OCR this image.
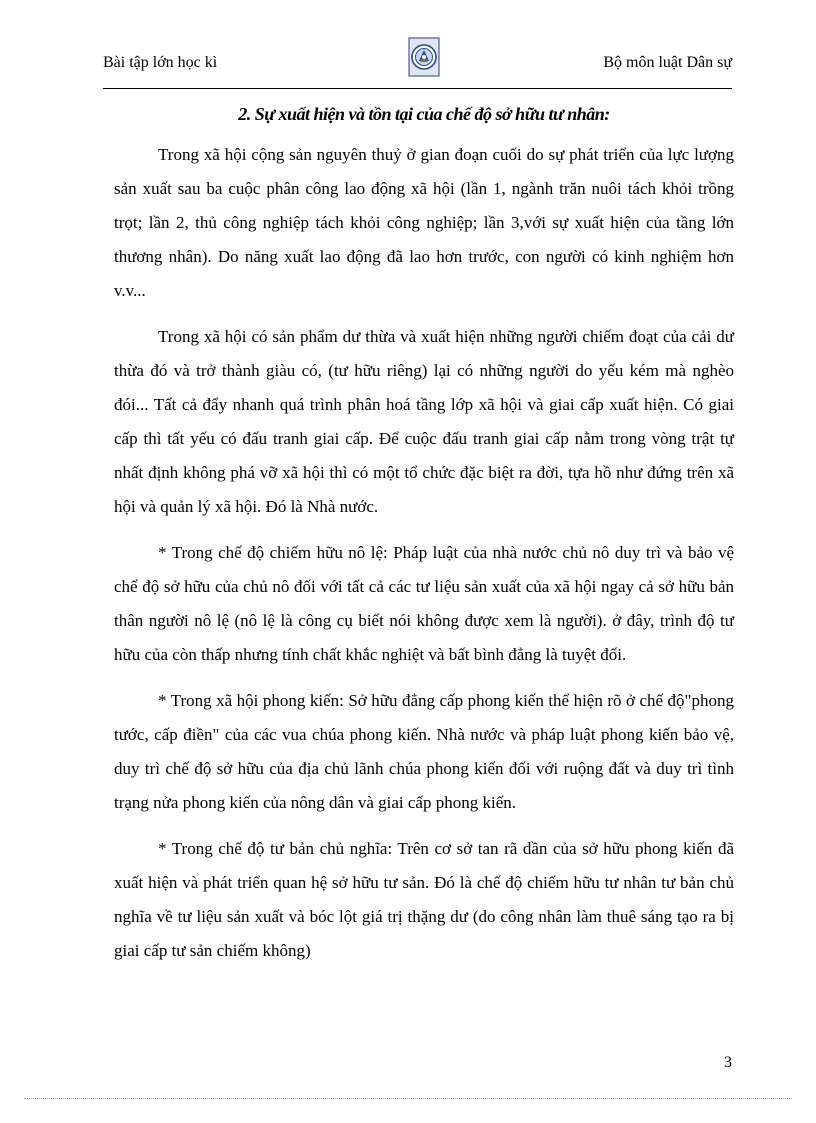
Bài tập lớn học kì	Bộ môn luật Dân sự
2. Sự xuất hiện và tồn tại của chế độ sở hữu tư nhân:

Trong xã hội cộng sản nguyên thuỷ ở gian đoạn cuối do sự phát triển của lực lượng sản xuất sau ba cuộc phân công lao động xã hội (lần 1, ngành trăn nuôi tách khỏi trồng trọt; lần 2, thủ công nghiệp tách khỏi công nghiệp; lần 3,với sự xuất hiện của tầng lớn thương nhân). Do năng xuất lao động đã lao hơn trước, con người có kinh nghiệm hơn v.v...

Trong xã hội có sản phẩm dư thừa và xuất hiện những người chiếm đoạt của cải dư thừa đó và trở thành giàu có, (tư hữu riêng) lại có những người do yếu kém mà nghèo đói... Tất cả đẩy nhanh quá trình phân hoá tầng lớp xã hội và giai cấp xuất hiện. Có giai cấp thì tất yếu có đấu tranh giai cấp. Để cuộc đấu tranh giai cấp nằm trong vòng trật tự nhất định không phá vỡ xã hội thì có một tổ chức đặc biệt ra đời, tựa hồ như đứng trên xã hội và quản lý xã hội. Đó là Nhà nước.

* Trong chế độ chiếm hữu nô lệ: Pháp luật của nhà nước chủ nô duy trì và bảo vệ chế độ sở hữu của chủ nô đối với tất cả các tư liệu sản xuất của xã hội ngay cả sở hữu bản thân người nô lệ (nô lệ là công cụ biết nói không được xem là người). ở đây, trình độ tư hữu của còn thấp nhưng tính chất khắc nghiệt và bất bình đẳng là tuyệt đối.

* Trong xã hội phong kiến: Sở hữu đẳng cấp phong kiến thể hiện rõ ở chế độ"phong tước, cấp điền" của các vua chúa phong kiến. Nhà nước và pháp luật phong kiến bảo vệ, duy trì chế độ sở hữu của địa chủ lãnh chúa phong kiến đối với ruộng đất và duy trì tình trạng nửa phong kiến của nông dân và giai cấp phong kiến.

* Trong chế độ tư bản chủ nghĩa: Trên cơ sở tan rã dần của sở hữu phong kiến đã xuất hiện và phát triển quan hệ sở hữu tư sản. Đó là chế độ chiếm hữu tư nhân tư bản chủ nghĩa về tư liệu sản xuất và bóc lột giá trị thặng dư (do công nhân làm thuê sáng tạo ra bị giai cấp tư sản chiếm không)

3
